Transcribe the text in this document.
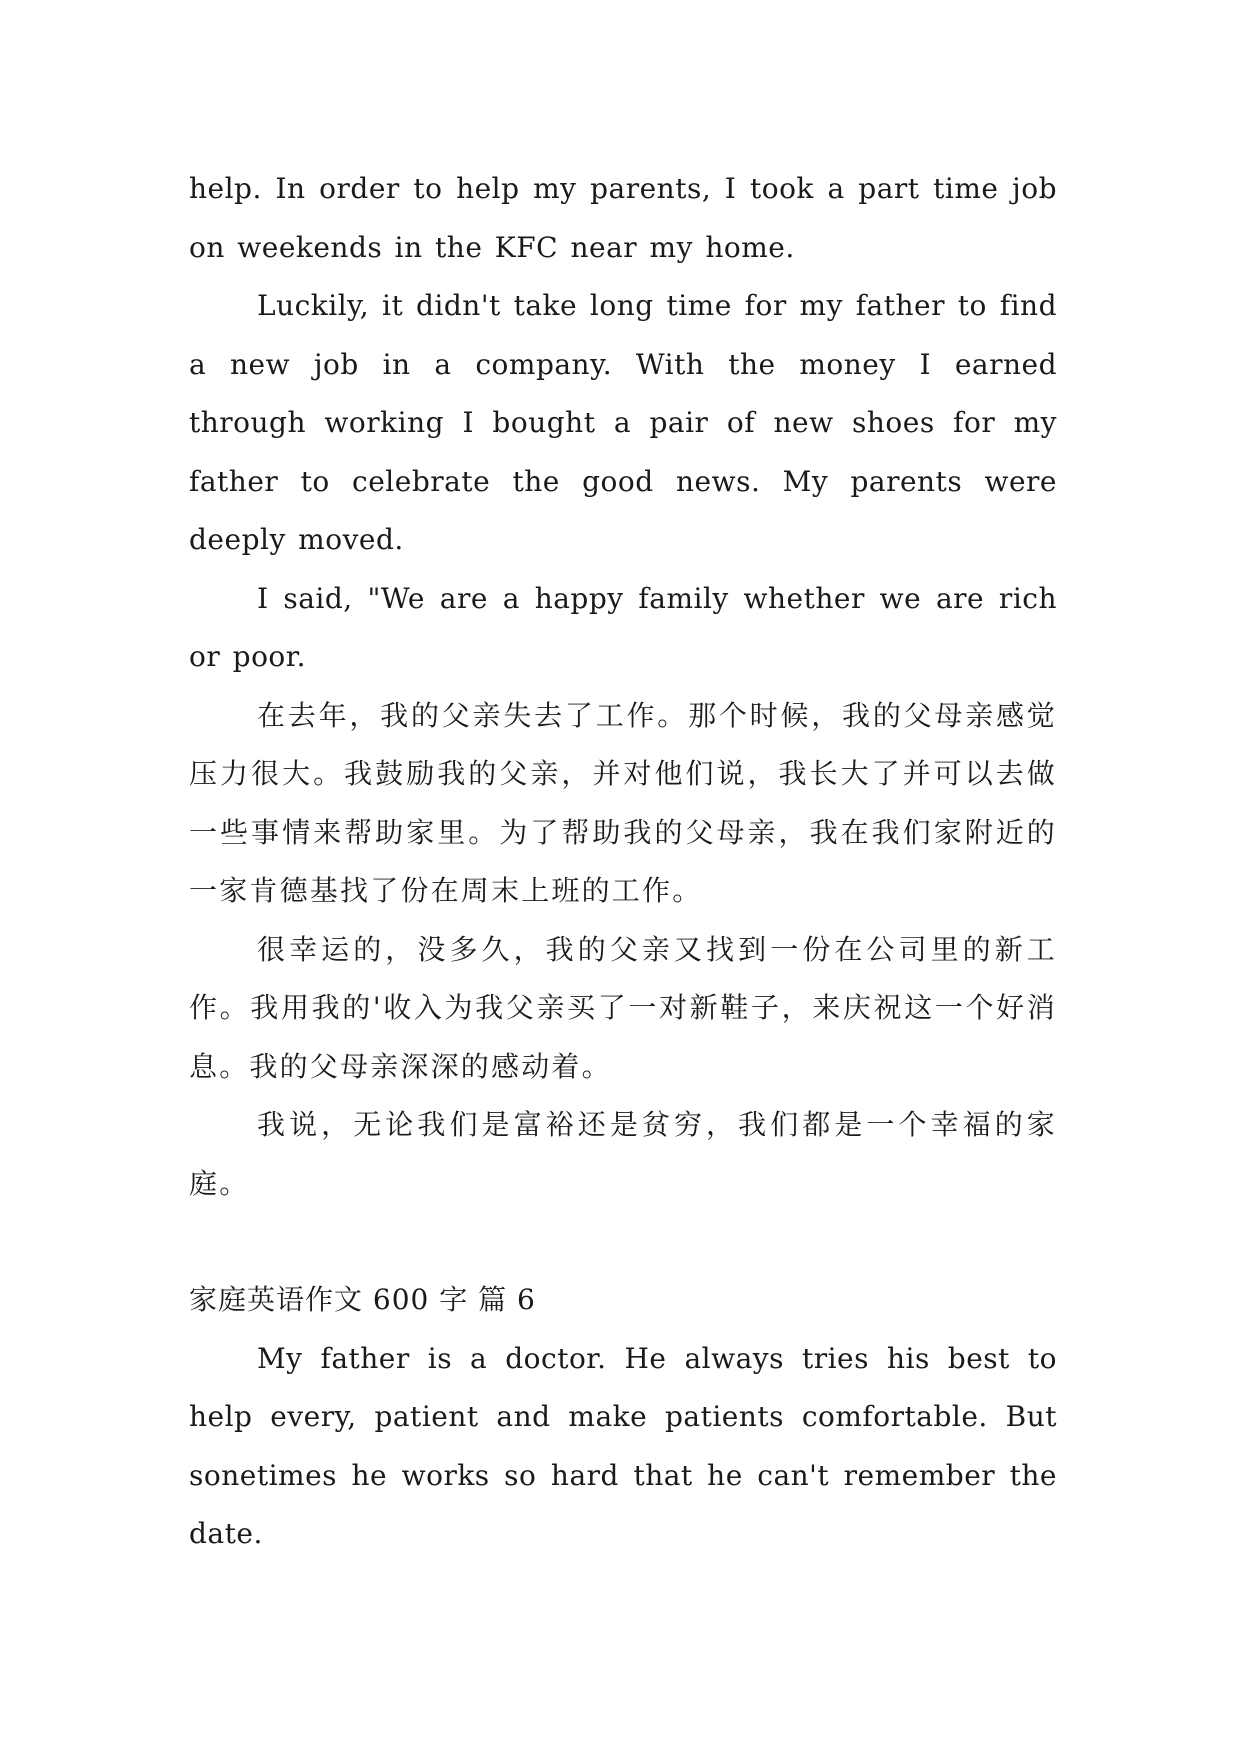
help. In order to help my parents, I took a part time job on weekends in the KFC near my home.

Luckily, it didn't take long time for my father to find a new job in a company. With the money I earned through working I bought a pair of new shoes for my father to celebrate the good news. My parents were deeply moved.

I said, "We are a happy family whether we are rich or poor.

在去年，我的父亲失去了工作。那个时候，我的父母亲感觉压力很大。我鼓励我的父亲，并对他们说，我长大了并可以去做一些事情来帮助家里。为了帮助我的父母亲，我在我们家附近的一家肯德基找了份在周末上班的工作。

很幸运的，没多久，我的父亲又找到一份在公司里的新工作。我用我的'收入为我父亲买了一对新鞋子，来庆祝这一个好消息。我的父母亲深深的感动着。

我说，无论我们是富裕还是贫穷，我们都是一个幸福的家庭。

家庭英语作文 600 字 篇 6

My father is a doctor. He always tries his best to help every, patient and make patients comfortable. But sonetimes he works so hard that he can't remember the date.
